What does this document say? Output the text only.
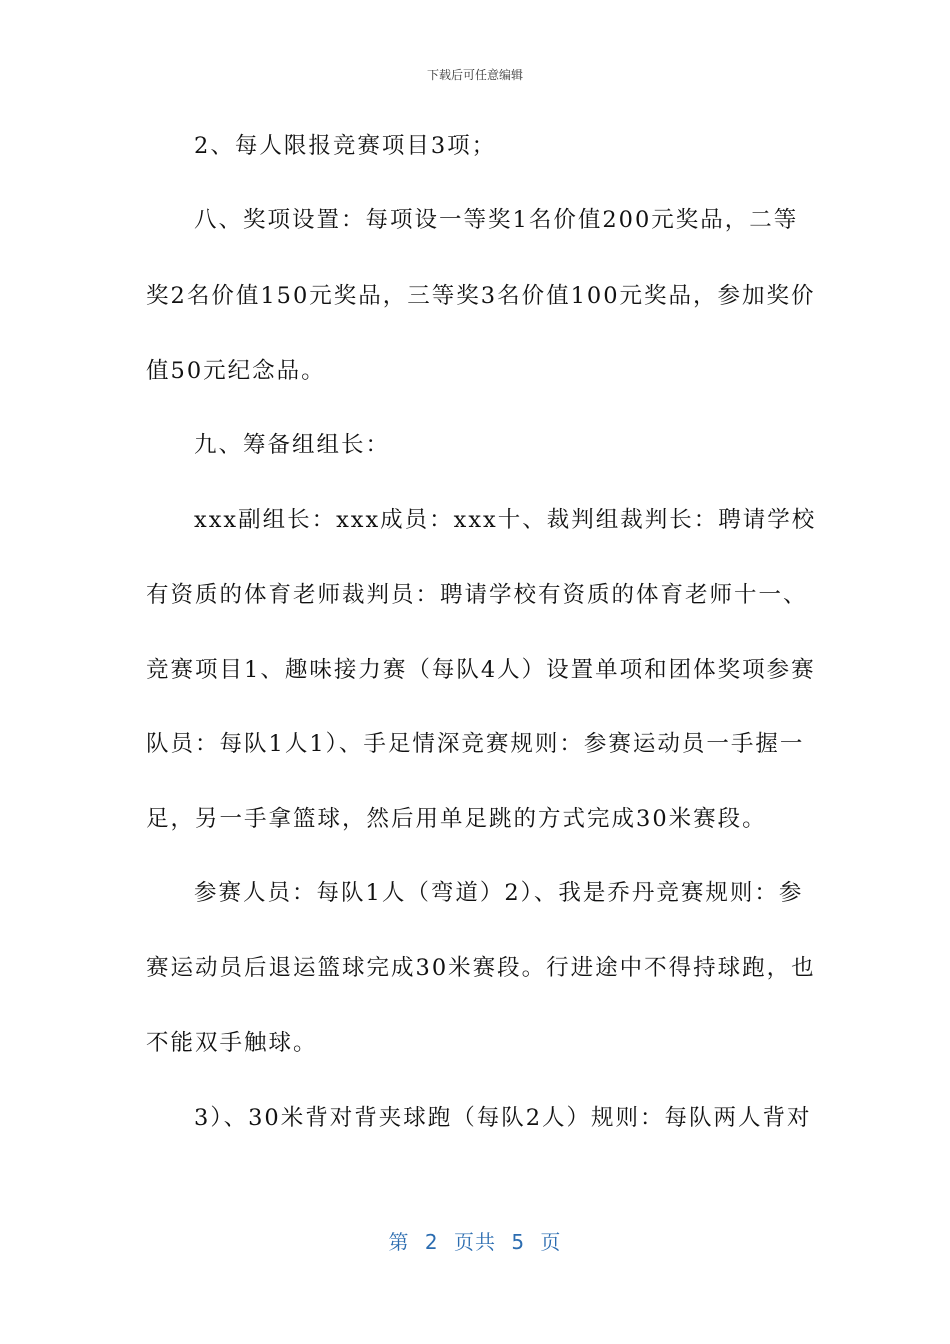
下载后可任意编辑
2、每人限报竞赛项目3项；
八、奖项设置：每项设一等奖1名价值200元奖品，二等
奖2名价值150元奖品，三等奖3名价值100元奖品，参加奖价
值50元纪念品。
九、筹备组组长：
xxx副组长：xxx成员：xxx十、裁判组裁判长：聘请学校
有资质的体育老师裁判员：聘请学校有资质的体育老师十一、
竞赛项目1、趣味接力赛（每队4人）设置单项和团体奖项参赛
队员：每队1人1）、手足情深竞赛规则：参赛运动员一手握一
足，另一手拿篮球，然后用单足跳的方式完成30米赛段。
参赛人员：每队1人（弯道）2）、我是乔丹竞赛规则：参
赛运动员后退运篮球完成30米赛段。行进途中不得持球跑，也
不能双手触球。
3）、30米背对背夹球跑（每队2人）规则：每队两人背对
第 2 页共 5 页
